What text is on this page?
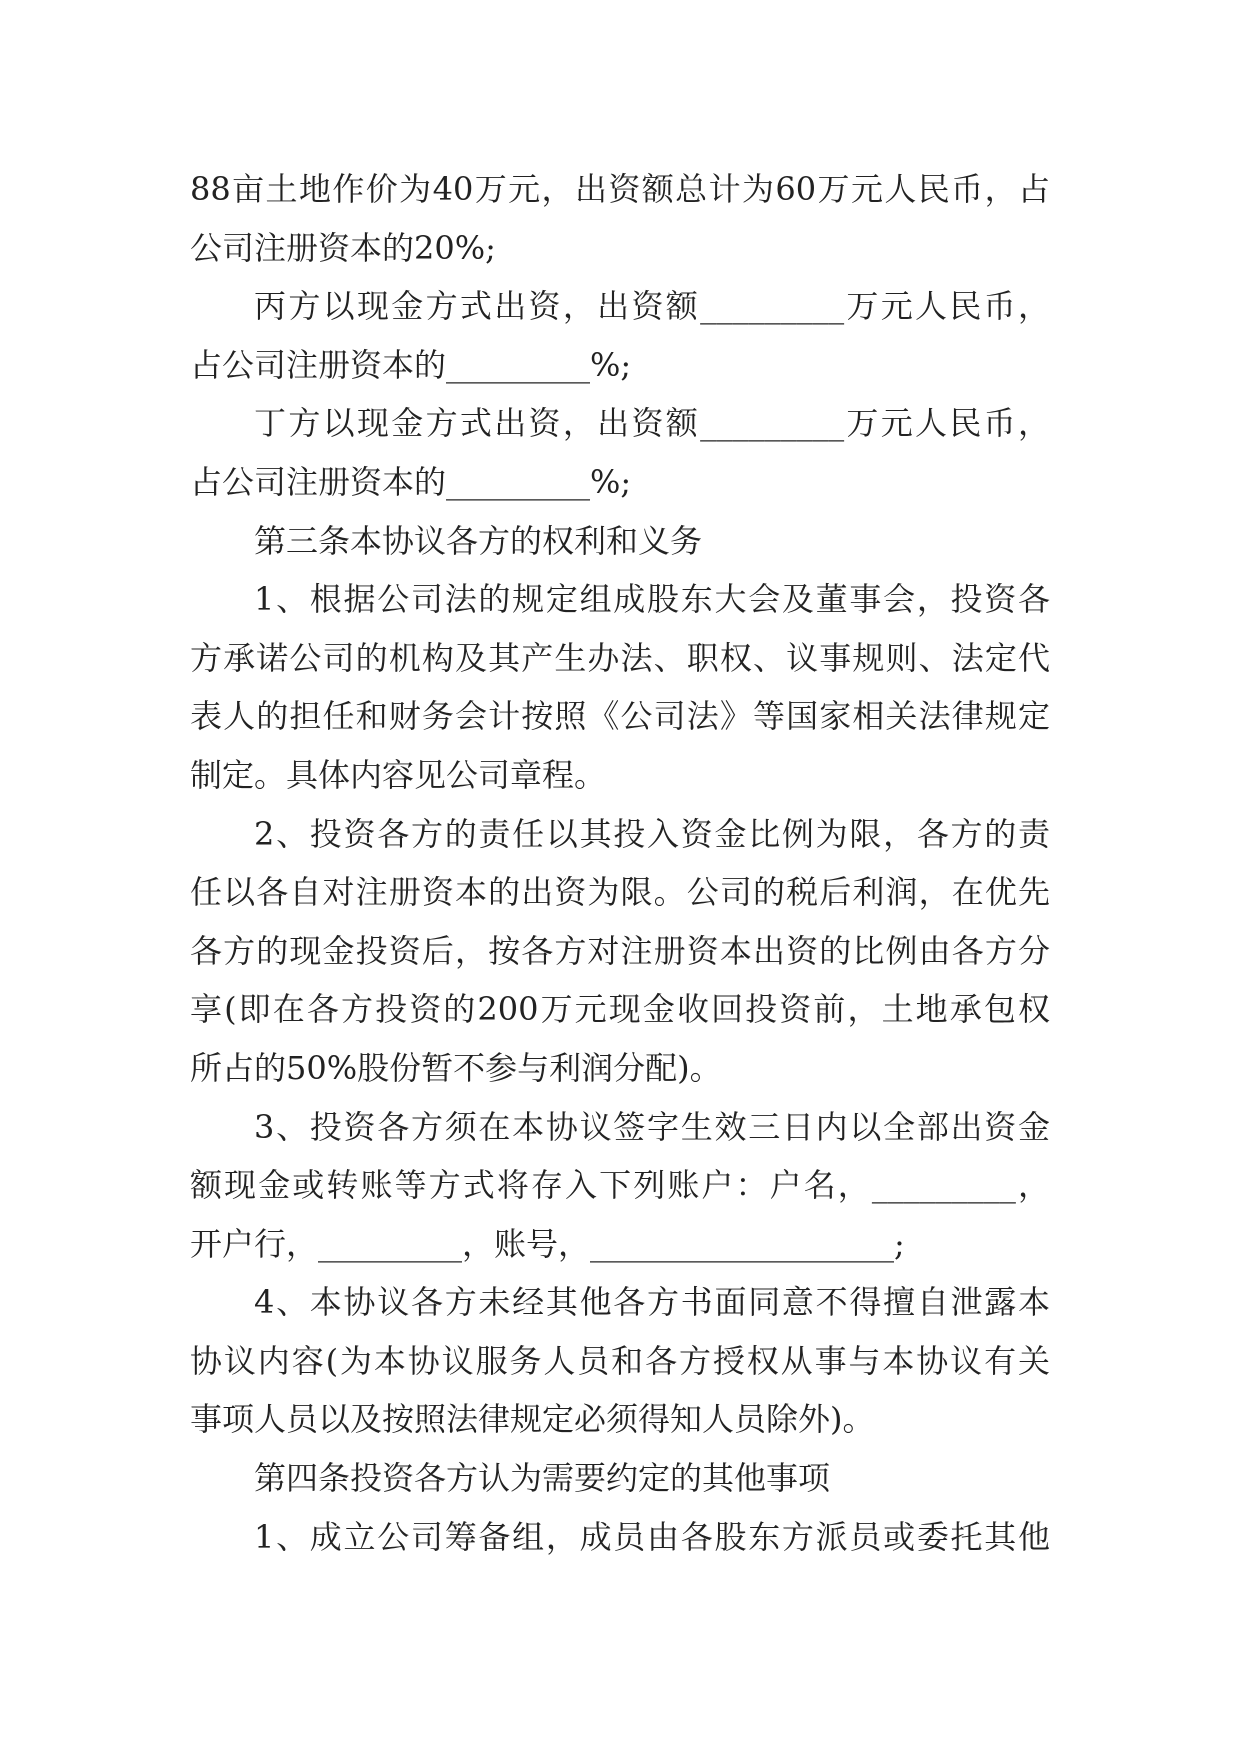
88亩土地作价为40万元，出资额总计为60万元人民币，占
公司注册资本的20%;
丙方以现金方式出资，出资额_________万元人民币，
占公司注册资本的_________%;
丁方以现金方式出资，出资额_________万元人民币，
占公司注册资本的_________%;
第三条本协议各方的权利和义务
1、根据公司法的规定组成股东大会及董事会，投资各
方承诺公司的机构及其产生办法、职权、议事规则、法定代
表人的担任和财务会计按照《公司法》等国家相关法律规定
制定。具体内容见公司章程。
2、投资各方的责任以其投入资金比例为限，各方的责
任以各自对注册资本的出资为限。公司的税后利润，在优先
各方的现金投资后，按各方对注册资本出资的比例由各方分
享(即在各方投资的200万元现金收回投资前，土地承包权
所占的50%股份暂不参与利润分配)。
3、投资各方须在本协议签字生效三日内以全部出资金
额现金或转账等方式将存入下列账户：户名，_________，
开户行，_________，账号，___________________;
4、本协议各方未经其他各方书面同意不得擅自泄露本
协议内容(为本协议服务人员和各方授权从事与本协议有关
事项人员以及按照法律规定必须得知人员除外)。
第四条投资各方认为需要约定的其他事项
1、成立公司筹备组，成员由各股东方派员或委托其他
